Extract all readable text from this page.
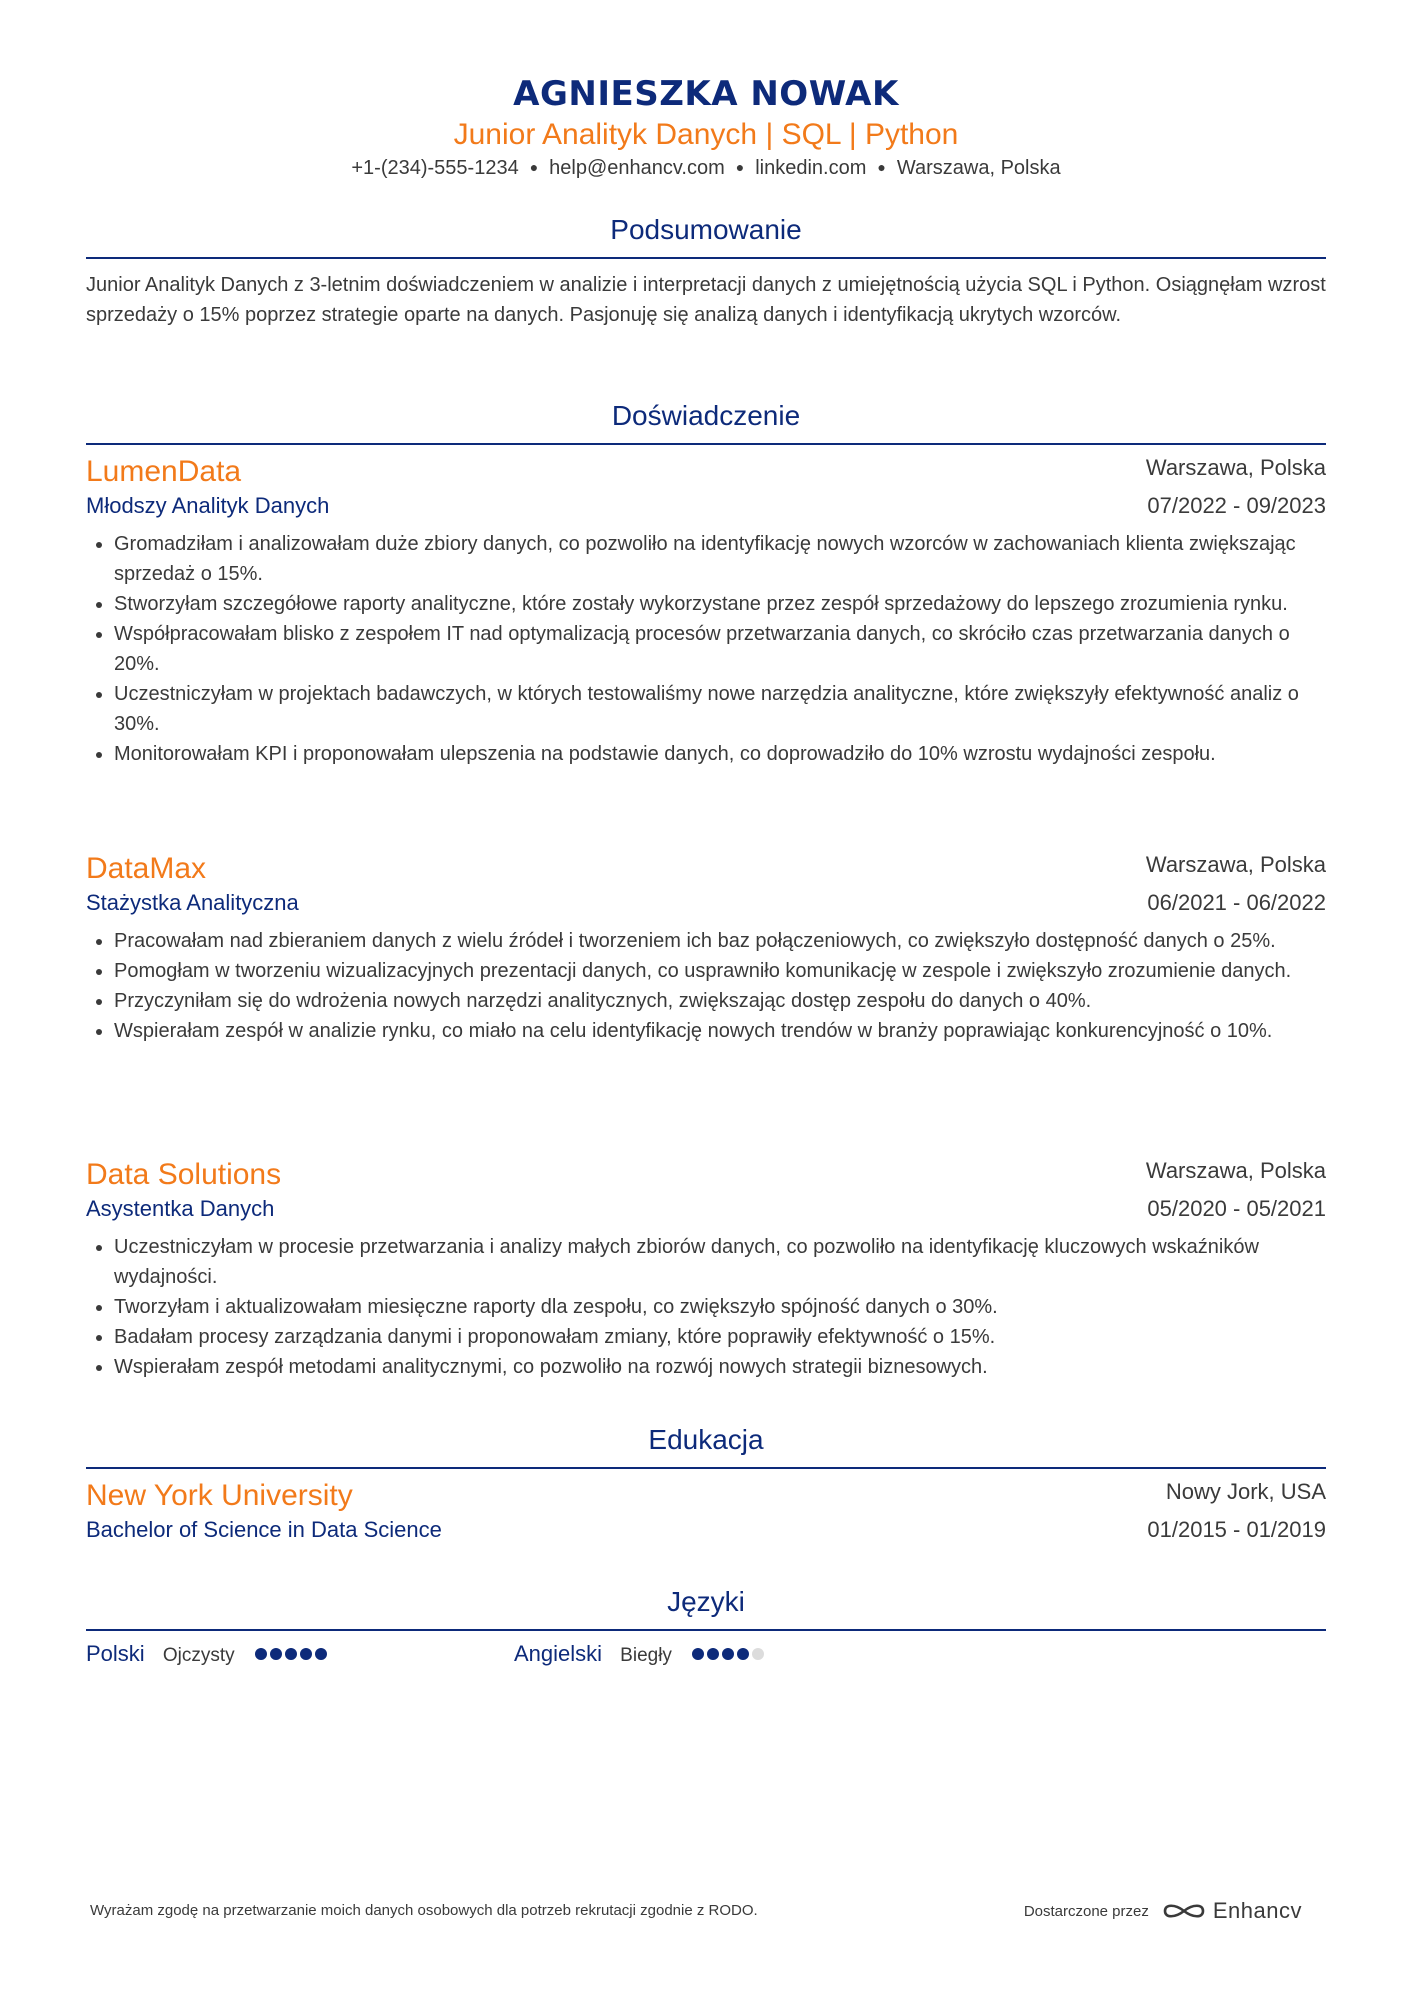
AGNIESZKA NOWAK
Junior Analityk Danych | SQL | Python
+1-(234)-555-1234 ● help@enhancv.com ● linkedin.com ● Warszawa, Polska
Podsumowanie
Junior Analityk Danych z 3-letnim doświadczeniem w analizie i interpretacji danych z umiejętnością użycia SQL i Python. Osiągnęłam wzrost sprzedaży o 15% poprzez strategie oparte na danych. Pasjonuję się analizą danych i identyfikacją ukrytych wzorców.
Doświadczenie
LumenData	Warszawa, Polska
Młodszy Analityk Danych	07/2022 - 09/2023
Gromadziłam i analizowałam duże zbiory danych, co pozwoliło na identyfikację nowych wzorców w zachowaniach klienta zwiększając sprzedaż o 15%.
Stworzyłam szczegółowe raporty analityczne, które zostały wykorzystane przez zespół sprzedażowy do lepszego zrozumienia rynku.
Współpracowałam blisko z zespołem IT nad optymalizacją procesów przetwarzania danych, co skróciło czas przetwarzania danych o 20%.
Uczestniczyłam w projektach badawczych, w których testowaliśmy nowe narzędzia analityczne, które zwiększyły efektywność analiz o 30%.
Monitorowałam KPI i proponowałam ulepszenia na podstawie danych, co doprowadziło do 10% wzrostu wydajności zespołu.
DataMax	Warszawa, Polska
Stażystka Analityczna	06/2021 - 06/2022
Pracowałam nad zbieraniem danych z wielu źródeł i tworzeniem ich baz połączeniowych, co zwiększyło dostępność danych o 25%.
Pomogłam w tworzeniu wizualizacyjnych prezentacji danych, co usprawniło komunikację w zespole i zwiększyło zrozumienie danych.
Przyczyniłam się do wdrożenia nowych narzędzi analitycznych, zwiększając dostęp zespołu do danych o 40%.
Wspierałam zespół w analizie rynku, co miało na celu identyfikację nowych trendów w branży poprawiając konkurencyjność o 10%.
Data Solutions	Warszawa, Polska
Asystentka Danych	05/2020 - 05/2021
Uczestniczyłam w procesie przetwarzania i analizy małych zbiorów danych, co pozwoliło na identyfikację kluczowych wskaźników wydajności.
Tworzyłam i aktualizowałam miesięczne raporty dla zespołu, co zwiększyło spójność danych o 30%.
Badałam procesy zarządzania danymi i proponowałam zmiany, które poprawiły efektywność o 15%.
Wspierałam zespół metodami analitycznymi, co pozwoliło na rozwój nowych strategii biznesowych.
Edukacja
New York University	Nowy Jork, USA
Bachelor of Science in Data Science	01/2015 - 01/2019
Języki
Polski Ojczysty	Angielski Biegły
Wyrażam zgodę na przetwarzanie moich danych osobowych dla potrzeb rekrutacji zgodnie z RODO.	Dostarczone przez	Enhancv
